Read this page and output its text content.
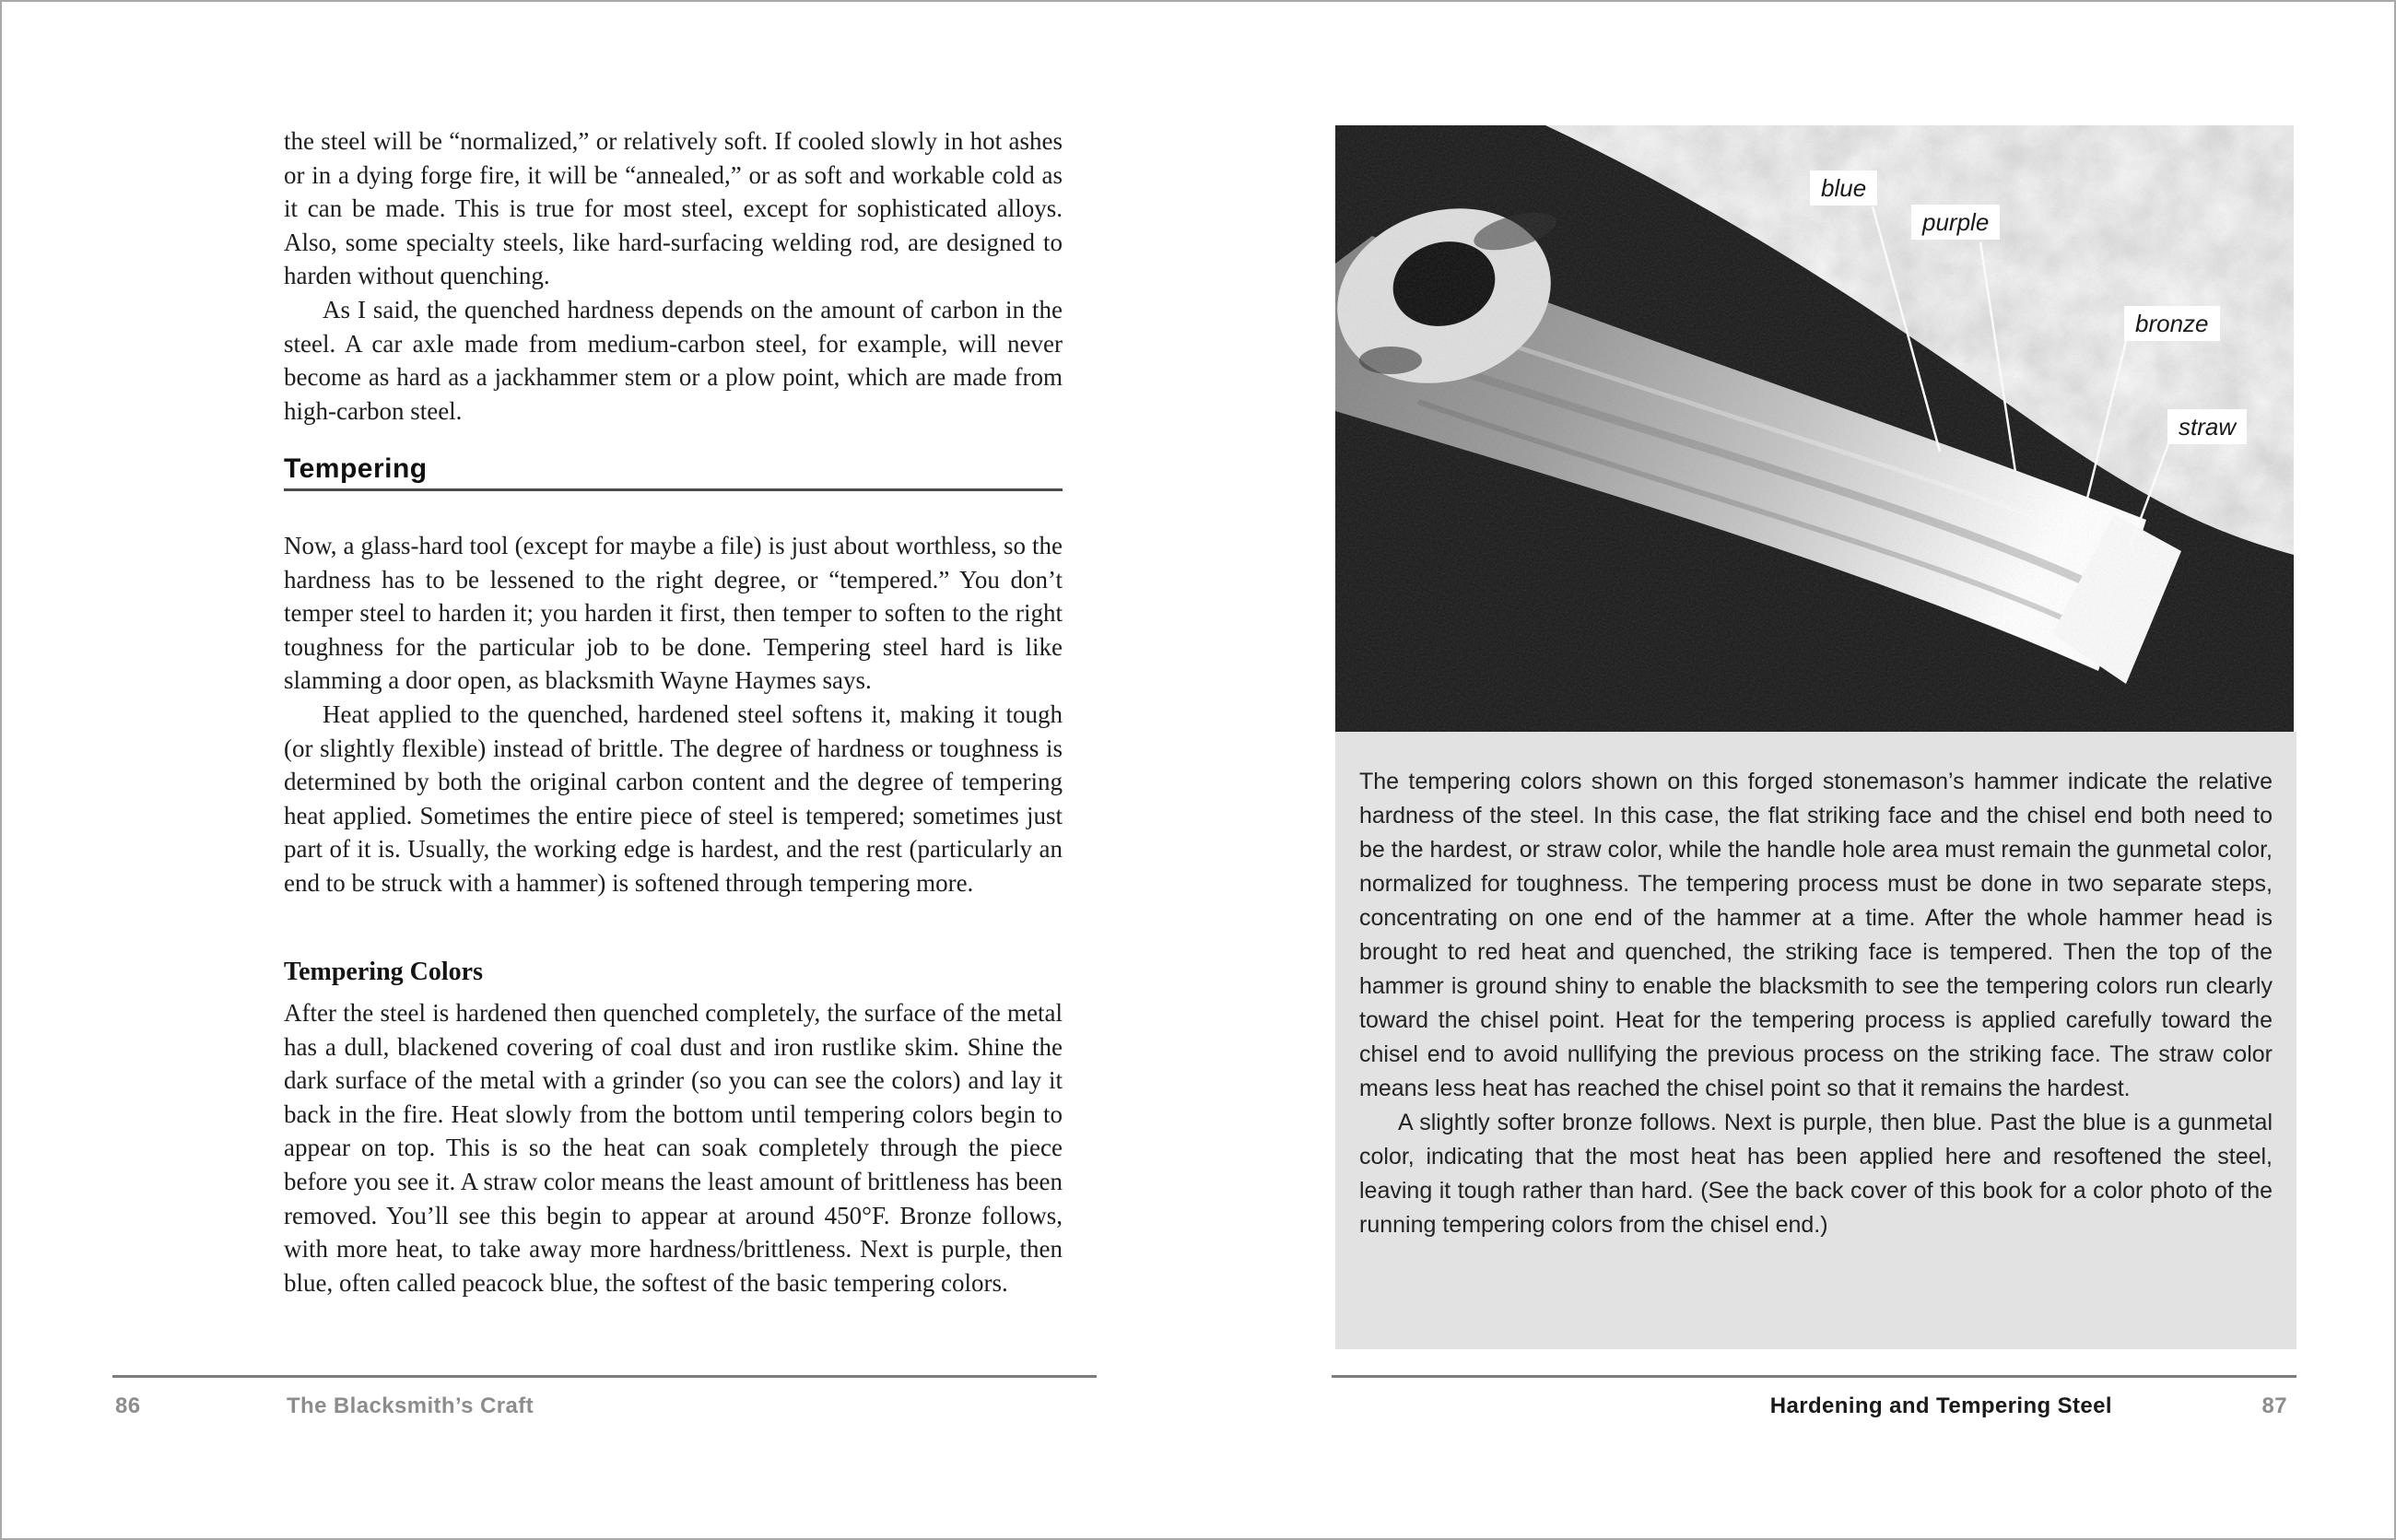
the steel will be “normalized,” or relatively soft. If cooled slowly in hot ashes or in a dying forge fire, it will be “annealed,” or as soft and workable cold as it can be made. This is true for most steel, except for sophisticated alloys. Also, some specialty steels, like hard-surfacing welding rod, are designed to harden without quenching.

As I said, the quenched hardness depends on the amount of carbon in the steel. A car axle made from medium-carbon steel, for example, will never become as hard as a jackhammer stem or a plow point, which are made from high-carbon steel.

Tempering

Now, a glass-hard tool (except for maybe a file) is just about worthless, so the hardness has to be lessened to the right degree, or “tempered.” You don’t temper steel to harden it; you harden it first, then temper to soften to the right toughness for the particular job to be done. Tempering steel hard is like slamming a door open, as blacksmith Wayne Haymes says.

Heat applied to the quenched, hardened steel softens it, making it tough (or slightly flexible) instead of brittle. The degree of hardness or toughness is determined by both the original carbon content and the degree of tempering heat applied. Sometimes the entire piece of steel is tempered; sometimes just part of it is. Usually, the working edge is hardest, and the rest (particularly an end to be struck with a hammer) is softened through tempering more.

Tempering Colors

After the steel is hardened then quenched completely, the surface of the metal has a dull, blackened covering of coal dust and iron rustlike skim. Shine the dark surface of the metal with a grinder (so you can see the colors) and lay it back in the fire. Heat slowly from the bottom until tempering colors begin to appear on top. This is so the heat can soak completely through the piece before you see it. A straw color means the least amount of brittleness has been removed. You’ll see this begin to appear at around 450°F. Bronze follows, with more heat, to take away more hardness/brittleness. Next is purple, then blue, often called peacock blue, the softest of the basic tempering colors.

86	The Blacksmith’s Craft
blue
purple
bronze
straw

The tempering colors shown on this forged stonemason’s hammer indicate the relative hardness of the steel. In this case, the flat striking face and the chisel end both need to be the hardest, or straw color, while the handle hole area must remain the gunmetal color, normalized for toughness. The tempering process must be done in two separate steps, concentrating on one end of the hammer at a time. After the whole hammer head is brought to red heat and quenched, the striking face is tempered. Then the top of the hammer is ground shiny to enable the blacksmith to see the tempering colors run clearly toward the chisel point. Heat for the tempering process is applied carefully toward the chisel end to avoid nullifying the previous process on the striking face. The straw color means less heat has reached the chisel point so that it remains the hardest.

A slightly softer bronze follows. Next is purple, then blue. Past the blue is a gunmetal color, indicating that the most heat has been applied here and resoftened the steel, leaving it tough rather than hard. (See the back cover of this book for a color photo of the running tempering colors from the chisel end.)

Hardening and Tempering Steel	87
